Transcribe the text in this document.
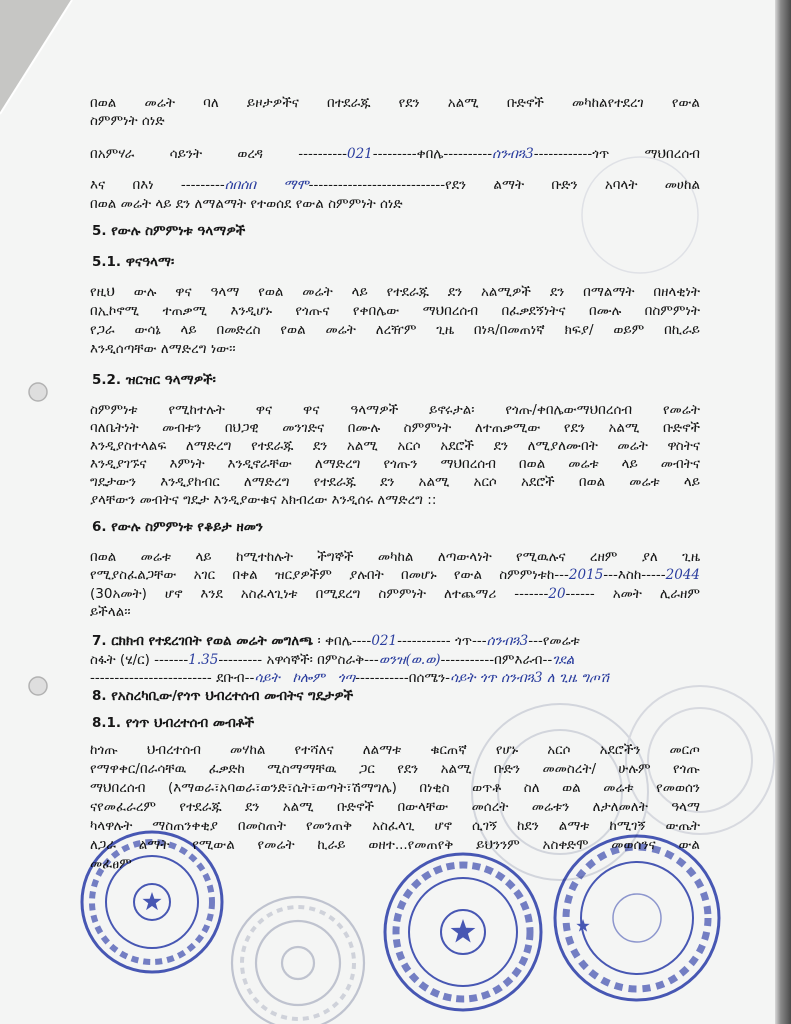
በወል መሬት ባለ ይዞታዎችና በተደራጁ የደን አልሚ ቡድኖች መካከልየተደረገ የውል
ስምምነት ሰነድ
በአምሃራ ሳይንት ወረዳ ----------021---------ቀበሌ----------ሰንብጓ3------------ጎጥ ማህበረሰብ
እና በእነ ---------ሰበሰበ ማሞ----------------------------የደን ልማት ቡድን አባላት መሀከል
በወል መሬት ላይ ደን ለማልማት የተወሰደ የውል ስምምነት ሰነድ
5. የውሉ ስምምነቱ ዓላማዎች
5.1. ዋናዓላማ፡
የዚህ ውሉ ዋና ዓላማ የወል መሬት ላይ የተደራጁ ደን አልሚዎች ደን በማልማት በዘላቂነት
በኢኮኖሚ ተጠቃሚ እንዲሆኑ የጎጡና የቀበሌው ማህበረሰብ በፈቃደኝነትና በሙሉ በስምምነት
የጋራ ውሳኔ ላይ በመድረስ የወል መሬት ለረዥም ጊዜ በነጻ/በመጠነኛ ክፍያ/ ወይም በኪራይ
እንዲሰጣቸው ለማድረግ ነው፡፡
5.2. ዝርዝር ዓላማዎች፡
ስምምነቱ የሚከተሉት ዋና ዋና ዓላማዎች ይኖሩታል፡ የጎጡ/ቀበሌውማህበረሰብ የመሬት
ባለቤትነት መብቱን በህጋዊ መንገድና በሙሉ ስምምነት ለተጠቃሚው የደን አልሚ ቡድኖች
እንዲያስተላልፍ ለማድረግ የተደራጁ ደን አልሚ አርሶ አደሮች ደን ለሚያለሙበት መሬት ዋስትና
እንዲያገኙና እምነት እንዲኖራቸው ለማድረግ የጎጡን ማህበረሰብ በወል መሬቱ ላይ መብትና
ግዴታውን እንዲያከብር ለማድረግ የተደራጁ ደን አልሚ አርሶ አደሮች በወል መሬቱ ላይ
ያላቸውን መብትና ግዴታ እንዲያውቁና አክብረው እንዲሰሩ ለማድረግ ::
6. የውሉ ስምምነቱ የቆይታ ዘመን
በወል መሬቱ ላይ ከሚተከሉት ችግኞች መካከል ለጣውላነት የሚዉሉና ረዘም ያለ ጊዜ
የሚያስፈልጋቸው አገር በቀል ዝርያዎችም ያሉበት በመሆኑ የውል ስምምነቱከ---2015---እስከ-----2044
(30አመት) ሆኖ እንደ አስፈላጊነቱ በሚደረግ ስምምነት ለተጨማሪ -------20------ አመት ሊራዘም
ይችላል፡፡
7. ርክክብ የተደረገበት የወል መሬት መግለጫ ፡ ቀበሌ----021----------- ጎጥ---ሰንብጓ3---የመሬቱ
ስፋት (ሄ/ር) -------1.35--------- አዋሳኞች፡ በምስራቅ---ወንዝ(ወ.ወ)-----------በምእራብ--ገደል
------------------------- ደቡብ--ሳይት ኮሎም ጎጣ-----------በሰሜን-ሳይት ጎጥ ሰንብጓ3 ለ ጊዜ ግጦሽ
8. የአስረካቢው/የጎጥ ህብረተሰብ መብትና ግዴታዎች
8.1. የጎጥ ህብረተሰብ መብቶች
ከጎጡ ህብረተሰብ መሃከል የተሻለና ለልማቱ ቁርጠኛ የሆኑ አርሶ አደሮችን መርጦ
የማዋቀር/በራሳቸዉ ፈቃድከ ሚስማማቸዉ ጋር የደን አልሚ ቡድን መመስረት/ ሁሉም የጎጡ
ማህበረሰብ (እማወራ፣አባወራ፣ወንድ፣ሴት፣ወጣት፣ሽማግሌ) በነቂስ ወጥቶ ስለ ወል መሬቱ የመወሰን
ናየመፈራረም የተደራጁ ደን አልሚ ቡድኖች በውላቸው መሰረት መሬቱን ለታለመለት ዓላማ
ካላዋሉት ማስጠንቀቂያ በመስጠት የመንጠቅ አስፈላጊ ሆኖ ሲገኝ ከደን ልማቱ ከሚገኝ ውጤት
ለጋራ ልማት የሚውል የመሬት ኪራይ ወዘተ...የመጠየቅ ይህንንም አስቀድሞ መወሰንና ውል
መፈፀም
